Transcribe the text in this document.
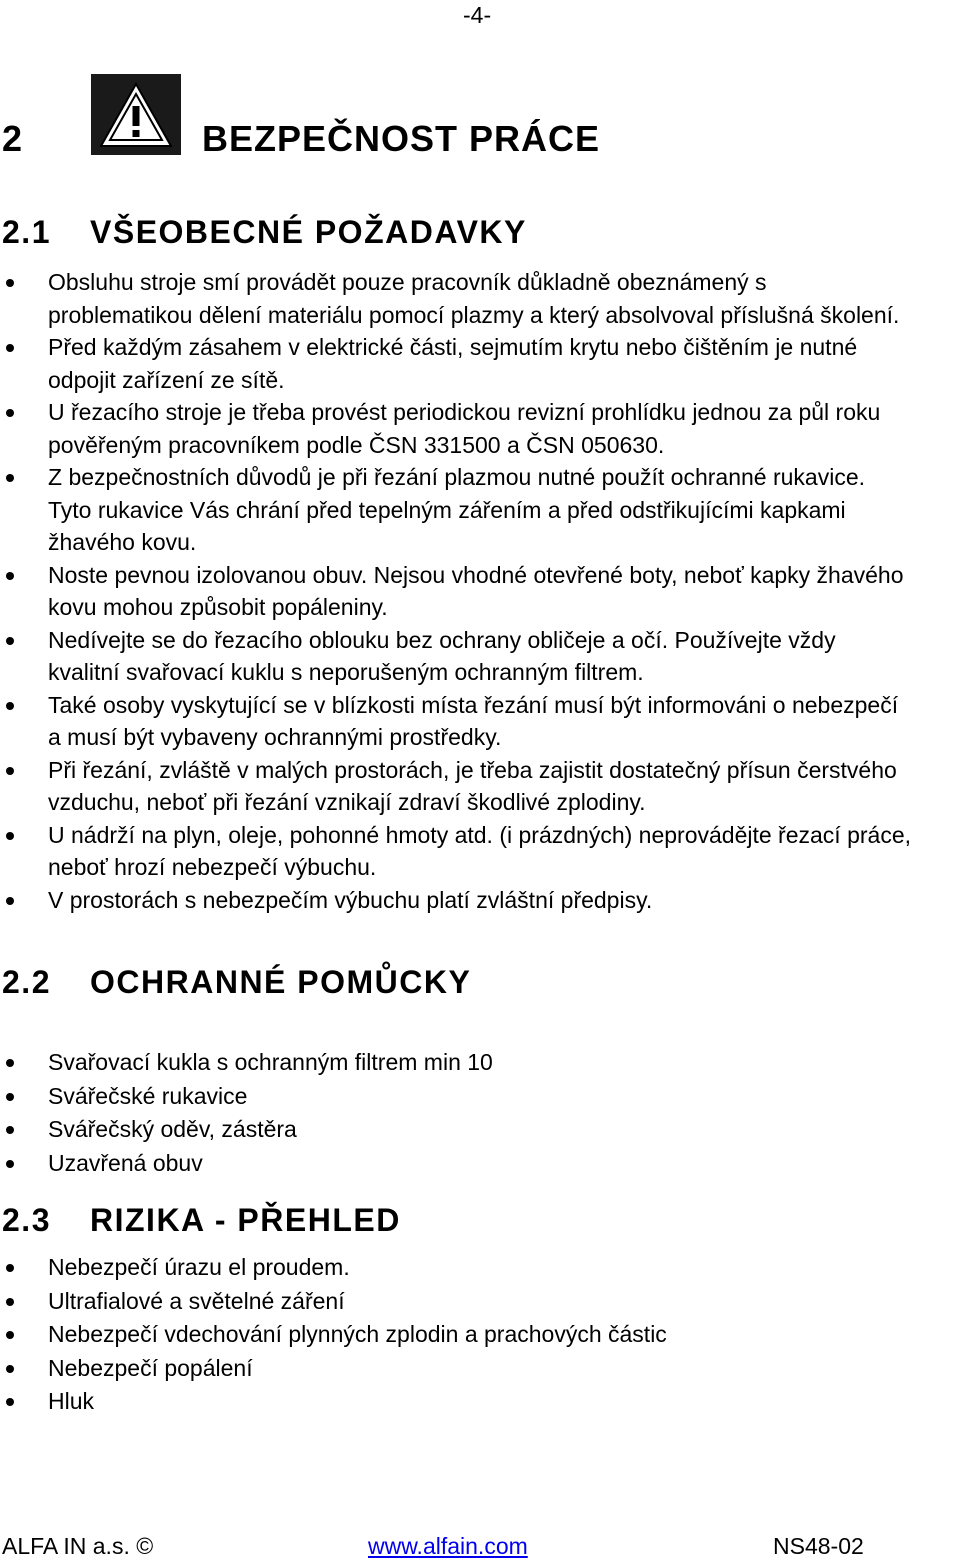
-4-
2	BEZPEČNOST PRÁCE
2.1 VŠEOBECNÉ POŽADAVKY
Obsluhu stroje smí provádět pouze pracovník důkladně obeznámený s problematikou dělení materiálu pomocí plazmy a který absolvoval příslušná školení.
Před každým zásahem v elektrické části, sejmutím krytu nebo čištěním je nutné odpojit zařízení ze sítě.
U řezacího stroje je třeba provést periodickou revizní prohlídku jednou za půl roku pověřeným pracovníkem podle ČSN 331500 a ČSN 050630.
Z bezpečnostních důvodů je při řezání plazmou nutné použít ochranné rukavice. Tyto rukavice Vás chrání před tepelným zářením a před odstřikujícími kapkami žhavého kovu.
Noste pevnou izolovanou obuv. Nejsou vhodné otevřené boty, neboť kapky žhavého kovu mohou způsobit popáleniny.
Nedívejte se do řezacího oblouku bez ochrany obličeje a očí. Používejte vždy kvalitní svařovací kuklu s neporušeným ochranným filtrem.
Také osoby vyskytující se v blízkosti místa řezání musí být informováni o nebezpečí a musí být vybaveny ochrannými prostředky.
Při řezání, zvláště v malých prostorách, je třeba zajistit dostatečný přísun čerstvého vzduchu, neboť při řezání vznikají zdraví škodlivé zplodiny.
U nádrží na plyn, oleje, pohonné hmoty atd. (i prázdných) neprovádějte řezací práce, neboť hrozí nebezpečí výbuchu.
V prostorách s nebezpečím výbuchu platí zvláštní předpisy.
2.2 OCHRANNÉ POMŮCKY
Svařovací kukla s ochranným filtrem min 10
Svářečské rukavice
Svářečský oděv, zástěra
Uzavřená obuv
2.3 RIZIKA - PŘEHLED
Nebezpečí úrazu el proudem.
Ultrafialové a světelné záření
Nebezpečí vdechování plynných zplodin a prachových částic
Nebezpečí popálení
Hluk
ALFA IN a.s. ©	www.alfain.com	NS48-02
